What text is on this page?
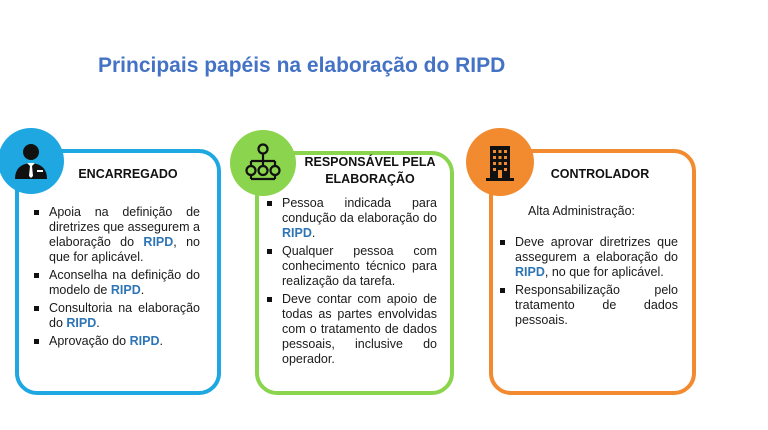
Principais papéis na elaboração do RIPD
ENCARREGADO
Apoia na definição de diretrizes que assegurem a elaboração do RIPD, no que for aplicável.
Aconselha na definição do modelo de RIPD.
Consultoria na elaboração do RIPD.
Aprovação do RIPD.
RESPONSÁVEL PELA ELABORAÇÃO
Pessoa indicada para condução da elaboração do RIPD.
Qualquer pessoa com conhecimento técnico para realização da tarefa.
Deve contar com apoio de todas as partes envolvidas com o tratamento de dados pessoais, inclusive do operador.
CONTROLADOR
Alta Administração:
Deve aprovar diretrizes que assegurem a elaboração do RIPD, no que for aplicável.
Responsabilização pelo tratamento de dados pessoais.
